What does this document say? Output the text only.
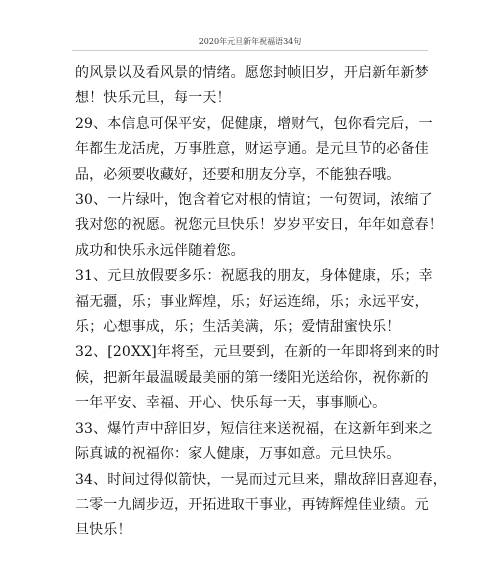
2020年元旦新年祝福语34句

的风景以及看风景的情绪。愿您封帧旧岁，开启新年新梦
想！快乐元旦，每一天！

29、本信息可保平安，促健康，增财气，包你看完后，一
年都生龙活虎，万事胜意，财运亨通。是元旦节的必备佳
品，必须要收藏好，还要和朋友分享，不能独吞哦。

30、一片绿叶，饱含着它对根的情谊；一句贺词，浓缩了
我对您的祝愿。祝您元旦快乐！岁岁平安日，年年如意春！
成功和快乐永远伴随着您。

31、元旦放假要多乐：祝愿我的朋友，身体健康，乐；幸
福无疆，乐；事业辉煌，乐；好运连绵，乐；永远平安，
乐；心想事成，乐；生活美满，乐；爱情甜蜜快乐！

32、[20XX]年将至，元旦要到，在新的一年即将到来的时
候，把新年最温暖最美丽的第一缕阳光送给你，祝你新的
一年平安、幸福、开心、快乐每一天，事事顺心。

33、爆竹声中辞旧岁，短信往来送祝福，在这新年到来之
际真诚的祝福你：家人健康，万事如意。元旦快乐。

34、时间过得似箭快，一晃而过元旦来，鼎故辞旧喜迎春，
二零一九阔步迈，开拓进取干事业，再铸辉煌佳业绩。元
旦快乐！
